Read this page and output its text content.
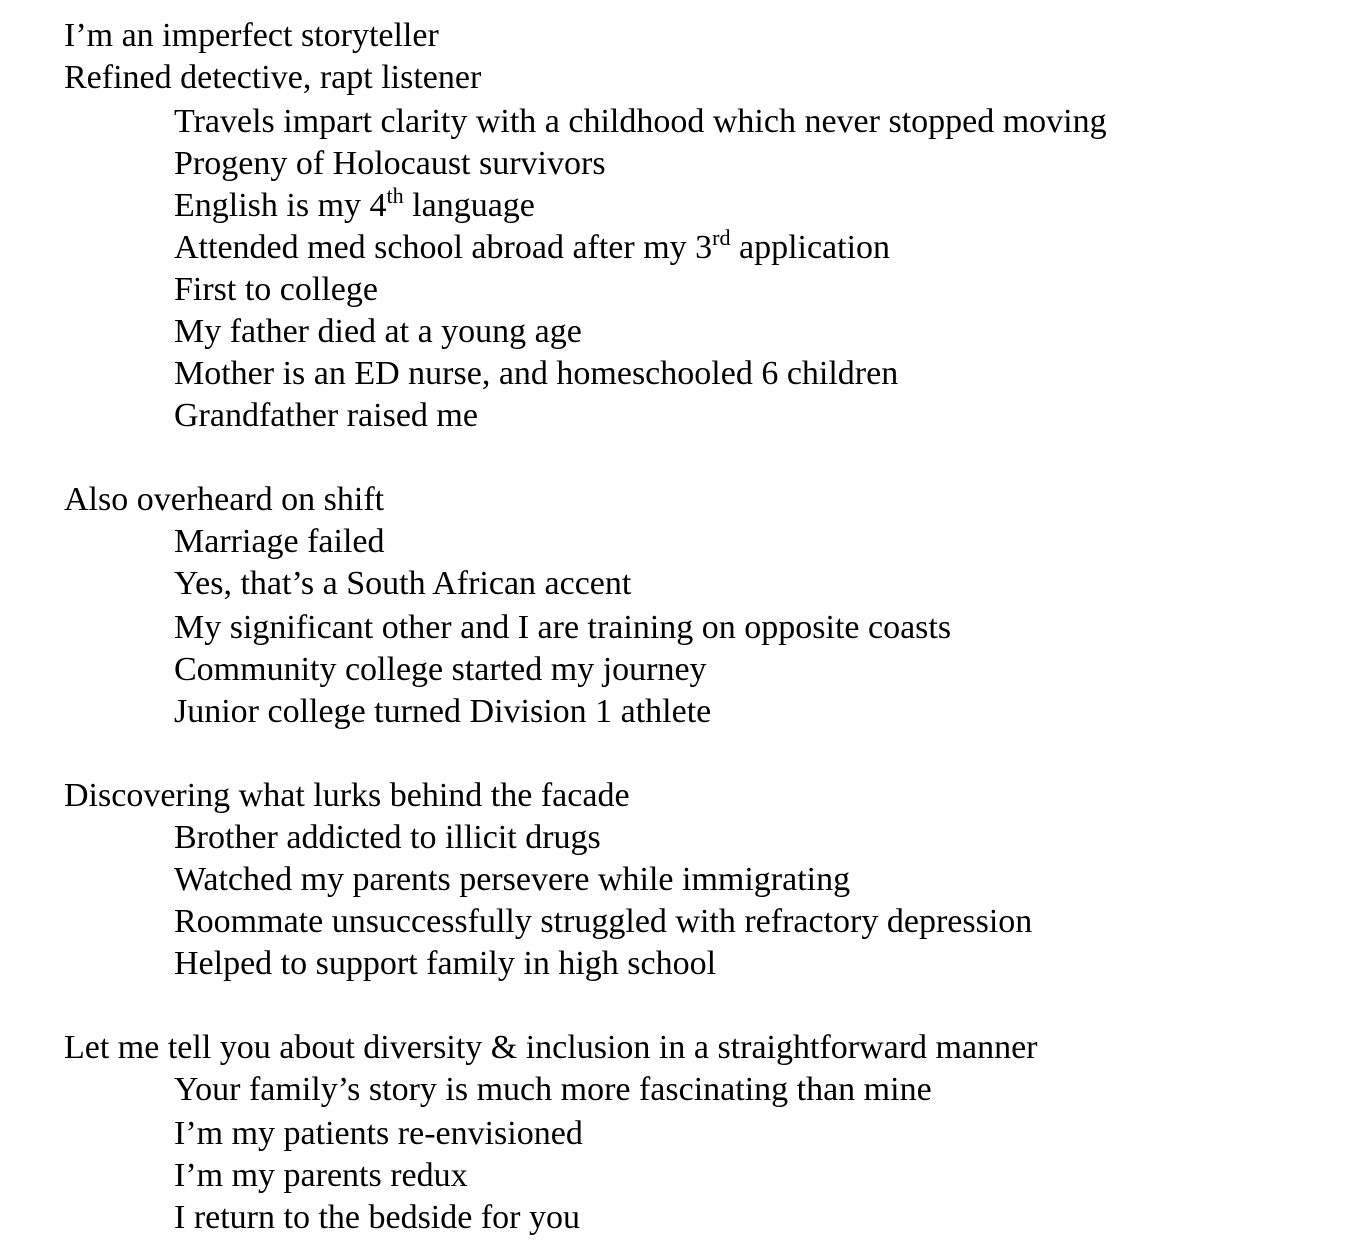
I’m an imperfect storyteller
Refined detective, rapt listener
Travels impart clarity with a childhood which never stopped moving
Progeny of Holocaust survivors
English is my 4th language
Attended med school abroad after my 3rd application
First to college
My father died at a young age
Mother is an ED nurse, and homeschooled 6 children
Grandfather raised me
Also overheard on shift
Marriage failed
Yes, that’s a South African accent
My significant other and I are training on opposite coasts
Community college started my journey
Junior college turned Division 1 athlete
Discovering what lurks behind the facade
Brother addicted to illicit drugs
Watched my parents persevere while immigrating
Roommate unsuccessfully struggled with refractory depression
Helped to support family in high school
Let me tell you about diversity & inclusion in a straightforward manner
Your family’s story is much more fascinating than mine
I’m my patients re-envisioned
I’m my parents redux
I return to the bedside for you
